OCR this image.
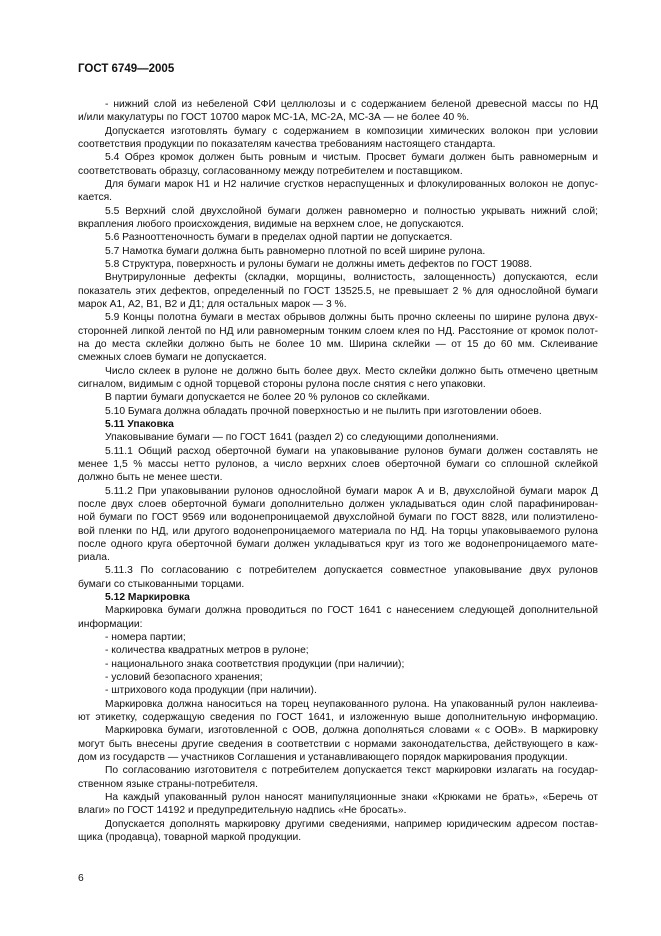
ГОСТ 6749—2005
- нижний слой из небеленой СФИ целлюлозы и с содержанием беленой древесной массы по НД
и/или макулатуры по ГОСТ 10700 марок МС-1А, МС-2А, МС-3А — не более 40 %.
Допускается изготовлять бумагу с содержанием в композиции химических волокон при условии
соответствия продукции по показателям качества требованиям настоящего стандарта.
5.4 Обрез кромок должен быть ровным и чистым. Просвет бумаги должен быть равномерным и
соответствовать образцу, согласованному между потребителем и поставщиком.
Для бумаги марок Н1 и Н2 наличие сгустков нераспущенных и флокулированных волокон не допус-
кается.
5.5 Верхний слой двухслойной бумаги должен равномерно и полностью укрывать нижний слой;
вкрапления любого происхождения, видимые на верхнем слое, не допускаются.
5.6 Разнооттеночность бумаги в пределах одной партии не допускается.
5.7 Намотка бумаги должна быть равномерно плотной по всей ширине рулона.
5.8 Структура, поверхность и рулоны бумаги не должны иметь дефектов по ГОСТ 19088.
Внутрирулонные дефекты (складки, морщины, волнистость, залощенность) допускаются, если
показатель этих дефектов, определенный по ГОСТ 13525.5, не превышает 2 % для однослойной бумаги
марок А1, А2, В1, В2 и Д1; для остальных марок — 3 %.
5.9 Концы полотна бумаги в местах обрывов должны быть прочно склеены по ширине рулона двух-
сторонней липкой лентой по НД или равномерным тонким слоем клея по НД. Расстояние от кромок полот-
на до места склейки должно быть не более 10 мм. Ширина склейки — от 15 до 60 мм. Склеивание
смежных слоев бумаги не допускается.
Число склеек в рулоне не должно быть более двух. Место склейки должно быть отмечено цветным
сигналом, видимым с одной торцевой стороны рулона после снятия с него упаковки.
В партии бумаги допускается не более 20 % рулонов со склейками.
5.10 Бумага должна обладать прочной поверхностью и не пылить при изготовлении обоев.
5.11 Упаковка
Упаковывание бумаги — по ГОСТ 1641 (раздел 2) со следующими дополнениями.
5.11.1 Общий расход оберточной бумаги на упаковывание рулонов бумаги должен составлять не
менее 1,5 % массы нетто рулонов, а число верхних слоев оберточной бумаги со сплошной склейкой
должно быть не менее шести.
5.11.2 При упаковывании рулонов однослойной бумаги марок А и В, двухслойной бумаги марок Д
после двух слоев оберточной бумаги дополнительно должен укладываться один слой парафинирован-
ной бумаги по ГОСТ 9569 или водонепроницаемой двухслойной бумаги по ГОСТ 8828, или полиэтилено-
вой пленки по НД, или другого водонепроницаемого материала по НД. На торцы упаковываемого рулона
после одного круга оберточной бумаги должен укладываться круг из того же водонепроницаемого мате-
риала.
5.11.3 По согласованию с потребителем допускается совместное упаковывание двух рулонов
бумаги со стыкованными торцами.
5.12 Маркировка
Маркировка бумаги должна проводиться по ГОСТ 1641 с нанесением следующей дополнительной
информации:
- номера партии;
- количества квадратных метров в рулоне;
- национального знака соответствия продукции (при наличии);
- условий безопасного хранения;
- штрихового кода продукции (при наличии).
Маркировка должна наноситься на торец неупакованного рулона. На упакованный рулон наклеива-
ют этикетку, содержащую сведения по ГОСТ 1641, и изложенную выше дополнительную информацию.
Маркировка бумаги, изготовленной с ООВ, должна дополняться словами « с ООВ». В маркировку
могут быть внесены другие сведения в соответствии с нормами законодательства, действующего в каж-
дом из государств — участников Соглашения и устанавливающего порядок маркирования продукции.
По согласованию изготовителя с потребителем допускается текст маркировки излагать на государ-
ственном языке страны-потребителя.
На каждый упакованный рулон наносят манипуляционные знаки «Крюками не брать», «Беречь от
влаги» по ГОСТ 14192 и предупредительную надпись «Не бросать».
Допускается дополнять маркировку другими сведениями, например юридическим адресом постав-
щика (продавца), товарной маркой продукции.
6
